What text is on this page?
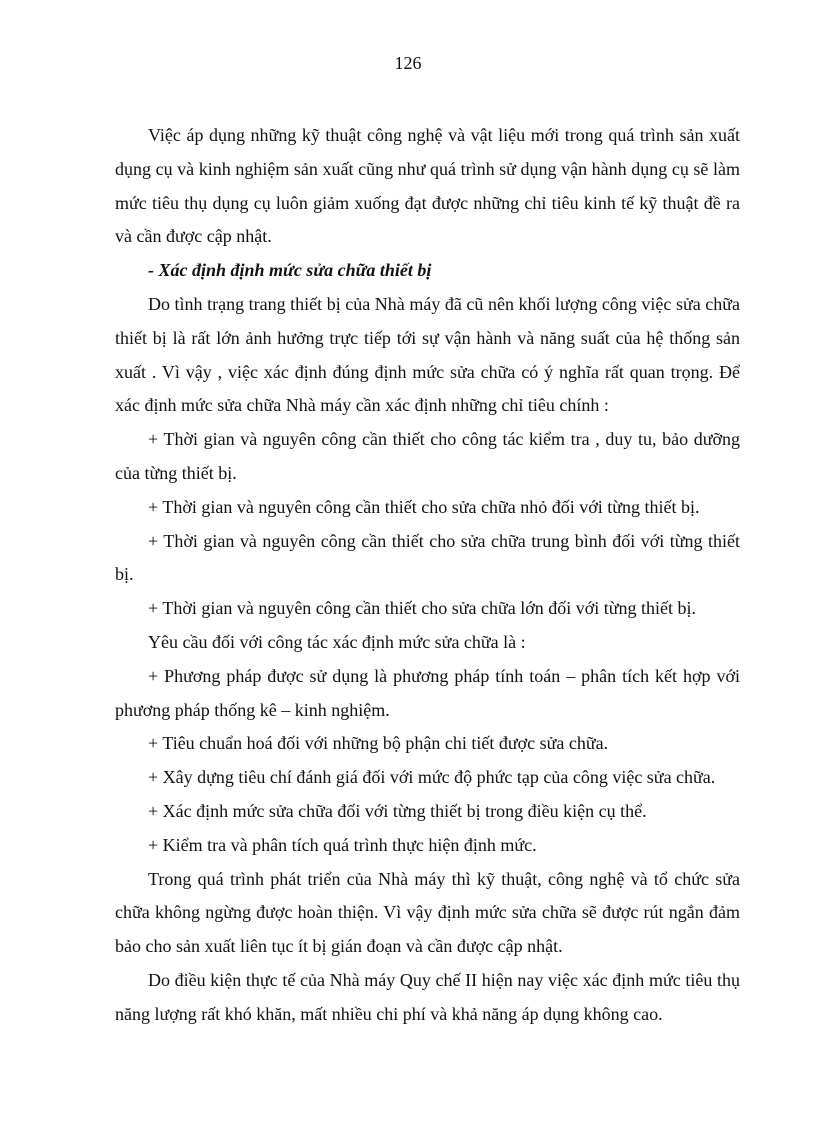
126

Việc áp dụng những kỹ thuật công nghệ và vật liệu mới trong quá trình sản xuất dụng cụ và kinh nghiệm sản xuất cũng như quá trình sử dụng vận hành dụng cụ sẽ làm mức tiêu thụ dụng cụ luôn giảm xuống đạt được những chỉ tiêu kinh tế kỹ thuật đề ra và cần được cập nhật.

- Xác định định mức sửa chữa thiết bị

Do tình trạng trang thiết bị của Nhà máy đã cũ nên khối lượng công việc sửa chữa thiết bị là rất lớn ảnh hưởng trực tiếp tới sự vận hành và năng suất của hệ thống sản xuất . Vì vậy , việc xác định đúng định mức sửa chữa có ý nghĩa rất quan trọng. Để xác định mức sửa chữa Nhà máy cần xác định những chỉ tiêu chính :

+ Thời gian và nguyên công cần thiết cho công tác kiểm tra , duy tu, bảo dưỡng của từng thiết bị.

+ Thời gian và nguyên công cần thiết cho sửa chữa nhỏ đối với từng thiết bị.

+ Thời gian và nguyên công cần thiết cho sửa chữa trung bình đối với từng thiết bị.

+ Thời gian và nguyên công cần thiết cho sửa chữa lớn đối với từng thiết bị.

Yêu cầu đối với công tác xác định mức sửa chữa là :

+ Phương pháp được sử dụng là phương pháp tính toán – phân tích kết hợp với phương pháp thống kê – kinh nghiệm.

+ Tiêu chuẩn hoá đối với những bộ phận chi tiết được sửa chữa.

+ Xây dựng tiêu chí đánh giá đối với mức độ phức tạp của công việc sửa chữa.

+ Xác định mức sửa chữa đối với từng thiết bị trong điều kiện cụ thể.

+ Kiểm tra và phân tích quá trình thực hiện định mức.

Trong quá trình phát triển của Nhà máy thì kỹ thuật, công nghệ và tổ chức sửa chữa không ngừng được hoàn thiện. Vì vậy định mức sửa chữa sẽ được rút ngắn đảm bảo cho sản xuất liên tục ít bị gián đoạn và cần được cập nhật.

Do điều kiện thực tế của Nhà máy Quy chế II hiện nay việc xác định mức tiêu thụ năng lượng rất khó khăn, mất nhiều chi phí và khả năng áp dụng không cao.
